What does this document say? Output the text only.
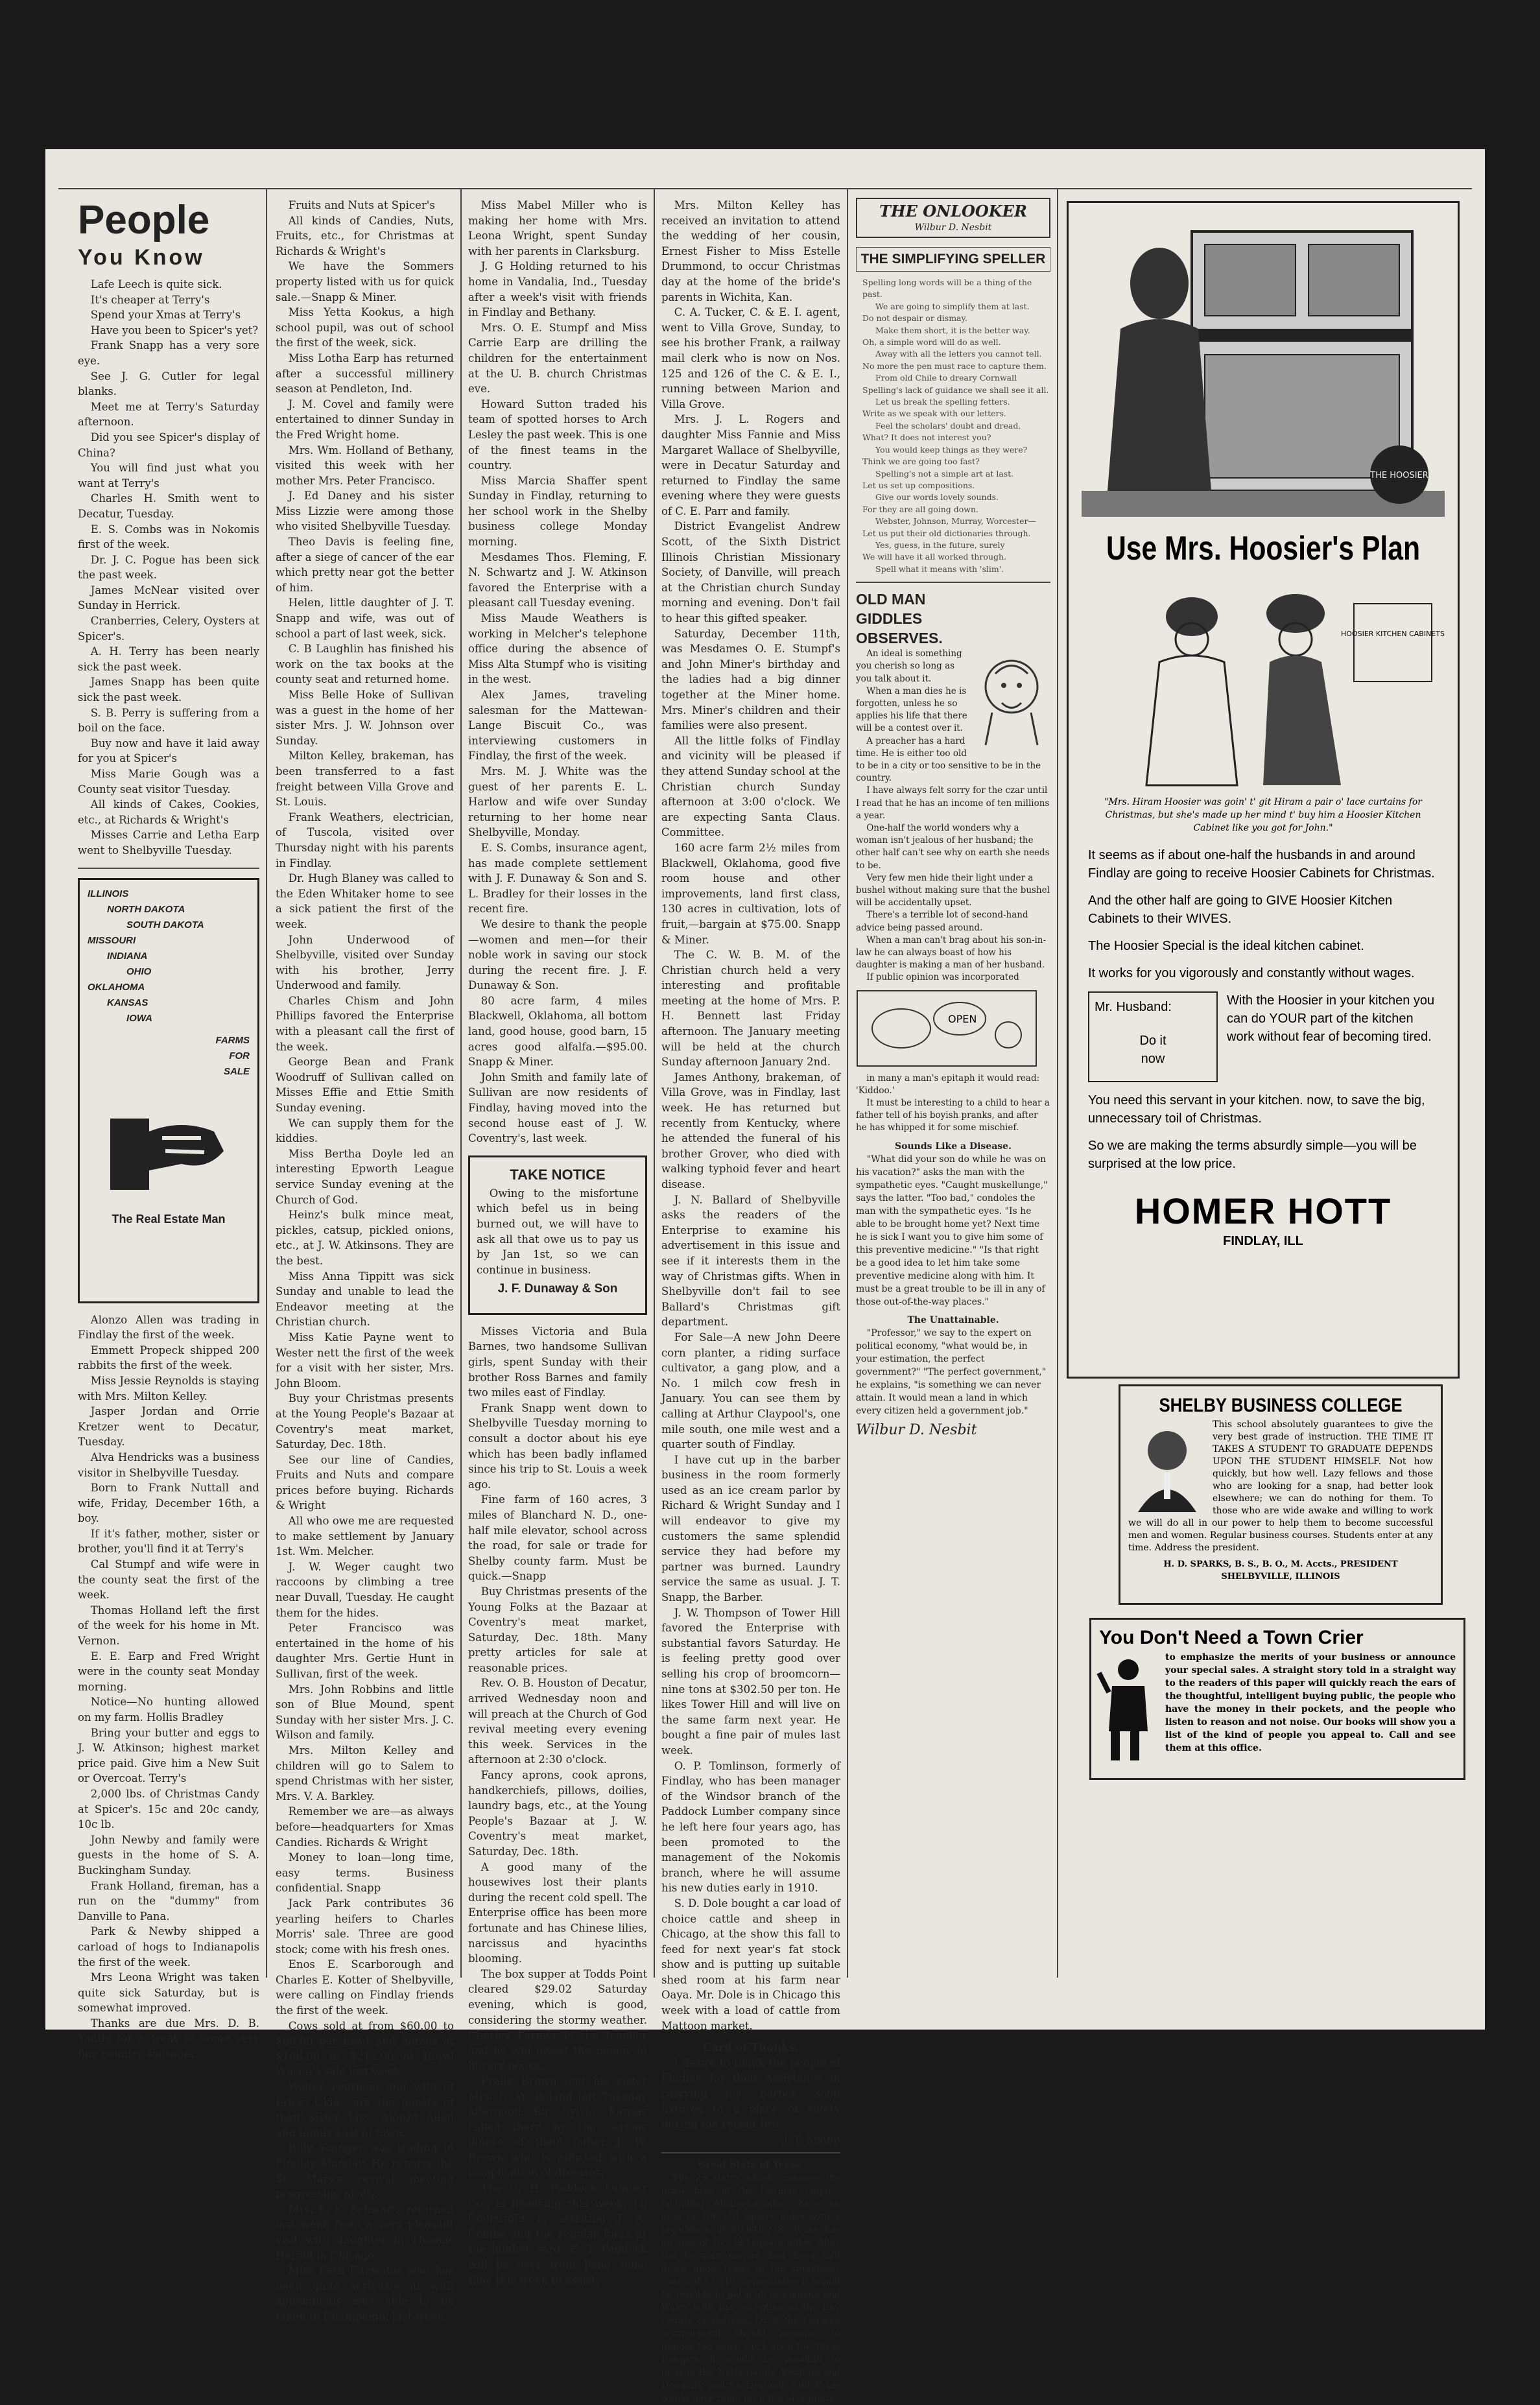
People
You Know

Lafe Leech is quite sick.

It's cheaper at Terry's

Spend your Xmas at Terry's

Have you been to Spicer's yet?

Frank Snapp has a very sore eye.

See J. G. Cutler for legal blanks.

Meet me at Terry's Saturday afternoon.

Did you see Spicer's display of China?

You will find just what you want at Terry's

Charles H. Smith went to Decatur, Tuesday.

E. S. Combs was in Nokomis first of the week.

Dr. J. C. Pogue has been sick the past week.

James McNear visited over Sunday in Herrick.

Cranberries, Celery, Oysters at Spicer's.

A. H. Terry has been nearly sick the past week.

James Snapp has been quite sick the past week.

S. B. Perry is suffering from a boil on the face.

Buy now and have it laid away for you at Spicer's

Miss Marie Gough was a County seat visitor Tuesday.

All kinds of Cakes, Cookies, etc., at Richards & Wright's

Misses Carrie and Letha Earp went to Shelbyville Tuesday.

ILLINOIS
NORTH DAKOTA
SOUTH DAKOTA
MISSOURI
INDIANA
OHIO
OKLAHOMA
KANSAS
IOWA
FARMS
FOR
SALE
The Real Estate Man

Alonzo Allen was trading in Findlay the first of the week.

Emmett Propeck shipped 200 rabbits the first of the week.

Miss Jessie Reynolds is staying with Mrs. Milton Kelley.

Jasper Jordan and Orrie Kretzer went to Decatur, Tuesday.

Alva Hendricks was a business visitor in Shelbyville Tuesday.

Born to Frank Nuttall and wife, Friday, December 16th, a boy.

If it's father, mother, sister or brother, you'll find it at Terry's

Cal Stumpf and wife were in the county seat the first of the week.

Thomas Holland left the first of the week for his home in Mt. Vernon.

E. E. Earp and Fred Wright were in the county seat Monday morning.

Notice—No hunting allowed on my farm. Hollis Bradley

Bring your butter and eggs to J. W. Atkinson; highest market price paid. Give him a New Suit or Overcoat. Terry's

2,000 lbs. of Christmas Candy at Spicer's. 15c and 20c candy, 10c lb.

John Newby and family were guests in the home of S. A. Buckingham Sunday.

Frank Holland, fireman, has a run on the "dummy" from Danville to Pana.

Park & Newby shipped a carload of hogs to Indianapolis the first of the week.

Mrs Leona Wright was taken quite sick Saturday, but is somewhat improved.

Thanks are due Mrs. D. B. Yantis for a treat to some very fine country sausage.

Fruits and Nuts at Spicer's

All kinds of Candies, Nuts, Fruits, etc., for Christmas at Richards & Wright's

We have the Sommers property listed with us for quick sale.—Snapp & Miner.

Miss Yetta Kookus, a high school pupil, was out of school the first of the week, sick.

Miss Lotha Earp has returned after a successful millinery season at Pendleton, Ind.

J. M. Covel and family were entertained to dinner Sunday in the Fred Wright home.

Mrs. Wm. Holland of Bethany, visited this week with her mother Mrs. Peter Francisco.

J. Ed Daney and his sister Miss Lizzie were among those who visited Shelbyville Tuesday.

Theo Davis is feeling fine, after a siege of cancer of the ear which pretty near got the better of him.

Helen, little daughter of J. T. Snapp and wife, was out of school a part of last week, sick.

C. B Laughlin has finished his work on the tax books at the county seat and returned home.

Miss Belle Hoke of Sullivan was a guest in the home of her sister Mrs. J. W. Johnson over Sunday.

Milton Kelley, brakeman, has been transferred to a fast freight between Villa Grove and St. Louis.

Frank Weathers, electrician, of Tuscola, visited over Thursday night with his parents in Findlay.

Dr. Hugh Blaney was called to the Eden Whitaker home to see a sick patient the first of the week.

John Underwood of Shelbyville, visited over Sunday with his brother, Jerry Underwood and family.

Charles Chism and John Phillips favored the Enterprise with a pleasant call the first of the week.

George Bean and Frank Woodruff of Sullivan called on Misses Effie and Ettie Smith Sunday evening.

We can supply them for the kiddies.

Miss Bertha Doyle led an interesting Epworth League service Sunday evening at the Church of God.

Heinz's bulk mince meat, pickles, catsup, pickled onions, etc., at J. W. Atkinsons. They are the best.

Miss Anna Tippitt was sick Sunday and unable to lead the Endeavor meeting at the Christian church.

Miss Katie Payne went to Wester nett the first of the week for a visit with her sister, Mrs. John Bloom.

Buy your Christmas presents at the Young People's Bazaar at Coventry's meat market, Saturday, Dec. 18th.

See our line of Candies, Fruits and Nuts and compare prices before buying. Richards & Wright

All who owe me are requested to make settlement by January 1st. Wm. Melcher.

J. W. Weger caught two raccoons by climbing a tree near Duvall, Tuesday. He caught them for the hides.

Peter Francisco was entertained in the home of his daughter Mrs. Gertie Hunt in Sullivan, first of the week.

Mrs. John Robbins and little son of Blue Mound, spent Sunday with her sister Mrs. J. C. Wilson and family.

Mrs. Milton Kelley and children will go to Salem to spend Christmas with her sister, Mrs. V. A. Barkley.

Remember we are—as always before—headquarters for Xmas Candies. Richards & Wright

Money to loan—long time, easy terms. Business confidential. Snapp

Jack Park contributes 36 yearling heifers to Charles Morris' sale. Three are good stock; come with his fresh ones.

Enos E. Scarborough and Charles E. Kotter of Shelbyville, were calling on Findlay friends the first of the week.

Cows sold at from $60.00 to $68.00 per head and horses at $108.00 to $212.00 at Royal Wilson's sale last week.

Walter Fearman and wife of Erick, Okla., are the guests of their sister Mrs. Alonzo Allen and family east of town.

Billy Younger was trading in Findlay Monday. He reports the St. Mary's revival meeting progressing nicely.

Mrs. E. K. Schwartz returned last week from a very pleasant visit with daughter in Thomas Herold in Chicago.

Miss Fern Fitzwater who has been quite seriously ill with appendicitis was able to be taken to Champaign, last week.

Miss Mabel Miller who is making her home with Mrs. Leona Wright, spent Sunday with her parents in Clarksburg.

J. G Holding returned to his home in Vandalia, Ind., Tuesday after a week's visit with friends in Findlay and Bethany.

Mrs. O. E. Stumpf and Miss Carrie Earp are drilling the children for the entertainment at the U. B. church Christmas eve.

Howard Sutton traded his team of spotted horses to Arch Lesley the past week. This is one of the finest teams in the country.

Miss Marcia Shaffer spent Sunday in Findlay, returning to her school work in the Shelby business college Monday morning.

Mesdames Thos. Fleming, F. N. Schwartz and J. W. Atkinson favored the Enterprise with a pleasant call Tuesday evening.

Miss Maude Weathers is working in Melcher's telephone office during the absence of Miss Alta Stumpf who is visiting in the west.

Alex James, traveling salesman for the Mattewan-Lange Biscuit Co., was interviewing customers in Findlay, the first of the week.

Mrs. M. J. White was the guest of her parents E. L. Harlow and wife over Sunday returning to her home near Shelbyville, Monday.

E. S. Combs, insurance agent, has made complete settlement with J. F. Dunaway & Son and S. L. Bradley for their losses in the recent fire.

We desire to thank the people—women and men—for their noble work in saving our stock during the recent fire. J. F. Dunaway & Son.

80 acre farm, 4 miles Blackwell, Oklahoma, all bottom land, good house, good barn, 15 acres good alfalfa.—$95.00. Snapp & Miner.

John Smith and family late of Sullivan are now residents of Findlay, having moved into the second house east of J. W. Coventry's, last week.

TAKE NOTICE

Owing to the misfortune which befel us in being burned out, we will have to ask all that owe us to pay us by Jan 1st, so we can continue in business.

J. F. Dunaway & Son

Misses Victoria and Bula Barnes, two handsome Sullivan girls, spent Sunday with their brother Ross Barnes and family two miles east of Findlay.

Frank Snapp went down to Shelbyville Tuesday morning to consult a doctor about his eye which has been badly inflamed since his trip to St. Louis a week ago.

Fine farm of 160 acres, 3 miles of Blanchard N. D., one-half mile elevator, school across the road, for sale or trade for Shelby county farm. Must be quick.—Snapp

Buy Christmas presents of the Young Folks at the Bazaar at Coventry's meat market, Saturday, Dec. 18th. Many pretty articles for sale at reasonable prices.

Rev. O. B. Houston of Decatur, arrived Wednesday noon and will preach at the Church of God revival meeting every evening this week. Services in the afternoon at 2:30 o'clock.

Fancy aprons, cook aprons, handkerchiefs, pillows, doilies, laundry bags, etc., at the Young People's Bazaar at J. W. Coventry's meat market, Saturday, Dec. 18th.

A good many of the housewives lost their plants during the recent cold spell. The Enterprise office has been more fortunate and has Chinese lilies, narcissus and hyacinths blooming.

The box supper at Todds Point cleared $29.02 Saturday evening, which is good, considering the stormy weather. Charles Farmer is the teacher and he will invest the money in library books.

Frank Brown and his sister Mrs. G. W. Boland left Tuesday afternoon for Sylvia Kansas called there by the serious illness of their father J. W. Brown who is afflicted with a complication of diseases.

The O. H. Paddock Lumber Co., is invoicing this week. Lil Courtright is assisting J. A. Combs and the regular force at the lumber yard. E. T. Paddock will be over from Pana some time this week to assist.

Mrs. Milton Kelley has received an invitation to attend the wedding of her cousin, Ernest Fisher to Miss Estelle Drummond, to occur Christmas day at the home of the bride's parents in Wichita, Kan.

C. A. Tucker, C. & E. I. agent, went to Villa Grove, Sunday, to see his brother Frank, a railway mail clerk who is now on Nos. 125 and 126 of the C. & E. I., running between Marion and Villa Grove.

Mrs. J. L. Rogers and daughter Miss Fannie and Miss Margaret Wallace of Shelbyville, were in Decatur Saturday and returned to Findlay the same evening where they were guests of C. E. Parr and family.

District Evangelist Andrew Scott, of the Sixth District Illinois Christian Missionary Society, of Danville, will preach at the Christian church Sunday morning and evening. Don't fail to hear this gifted speaker.

Saturday, December 11th, was Mesdames O. E. Stumpf's and John Miner's birthday and the ladies had a big dinner together at the Miner home. Mrs. Miner's children and their families were also present.

All the little folks of Findlay and vicinity will be pleased if they attend Sunday school at the Christian church Sunday afternoon at 3:00 o'clock. We are expecting Santa Claus. Committee.

160 acre farm 2½ miles from Blackwell, Oklahoma, good five room house and other improvements, land first class, 130 acres in cultivation, lots of fruit,—bargain at $75.00. Snapp & Miner.

The C. W. B. M. of the Christian church held a very interesting and profitable meeting at the home of Mrs. P. H. Bennett last Friday afternoon. The January meeting will be held at the church Sunday afternoon January 2nd.

James Anthony, brakeman, of Villa Grove, was in Findlay, last week. He has returned but recently from Kentucky, where he attended the funeral of his brother Grover, who died with walking typhoid fever and heart disease.

J. N. Ballard of Shelbyville asks the readers of the Enterprise to examine his advertisement in this issue and see if it interests them in the way of Christmas gifts. When in Shelbyville don't fail to see Ballard's Christmas gift department.

For Sale—A new John Deere corn planter, a riding surface cultivator, a gang plow, and a No. 1 milch cow fresh in January. You can see them by calling at Arthur Claypool's, one mile south, one mile west and a quarter south of Findlay.

I have cut up in the barber business in the room formerly used as an ice cream parlor by Richard & Wright Sunday and I will endeavor to give my customers the same splendid service they had before my partner was burned. Laundry service the same as usual. J. T. Snapp, the Barber.

J. W. Thompson of Tower Hill favored the Enterprise with substantial favors Saturday. He is feeling pretty good over selling his crop of broomcorn—nine tons at $302.50 per ton. He likes Tower Hill and will live on the same farm next year. He bought a fine pair of mules last week.

O. P. Tomlinson, formerly of Findlay, who has been manager of the Windsor branch of the Paddock Lumber company since he left here four years ago, has been promoted to the management of the Nokomis branch, where he will assume his new duties early in 1910.

S. D. Dole bought a car load of choice cattle and sheep in Chicago, at the show this fall to feed for next year's fat stock show and is putting up suitable shed room at his farm near Oaya. Mr. Dole is in Chicago this week with a load of cattle from Mattoon market.

Card of Thanks.

I desire to thank the people of Findlay for their assistance in carrying my barber shop fixtures to a place of safety during the recent fire.

J. T. Snapp
Great State of Texas.

The 25 states which compose the home land of the German empire, including Alsace-Lorraine, have an area of 208,270 square miles with a population of 60,641,278. Texas has an area of 265,780 square miles. After the German empire had been laid down upon Texas in the remainder space of 57,510 square miles it would be feasible to put it all of England and Wales with the exception of the tiny county of Rutland. Or if the German arrangement should promise to impose too much work upon the Texas Rangers it would be possible to include the Netherlands, Belgium and Denmark and Switzerland. Still Texas would have room for a few stragglers

THE ONLOOKER
Wilbur D. Nesbit
THE SIMPLIFYING SPELLER
Spelling long words will be a thing of the past.
We are going to simplify them at last.
Do not despair or dismay.
Make them short, it is the better way.
Oh, a simple word will do as well.
Away with all the letters you cannot tell.
No more the pen must race to capture them.
From old Chile to dreary Cornwall
Spelling's lack of guidance we shall see it all.
Let us break the spelling fetters.
Write as we speak with our letters.
Feel the scholars' doubt and dread.
What? It does not interest you?
You would keep things as they were?
Think we are going too fast?
Spelling's not a simple art at last.
Let us set up compositions.
Give our words lovely sounds.
For they are all going down.
Webster, Johnson, Murray, Worcester—
Let us put their old dictionaries through.
Yes, guess, in the future, surely
We will have it all worked through.
Spell what it means with 'slim'.
OLD MAN GIDDLES OBSERVES.

An ideal is something you cherish so long as you talk about it.

When a man dies he is forgotten, unless he so applies his life that there will be a contest over it.

A preacher has a hard time. He is either too old to be in a city or too sensitive to be in the country.

I have always felt sorry for the czar until I read that he has an income of ten millions a year.

One-half the world wonders why a woman isn't jealous of her husband; the other half can't see why on earth she needs to be.

Very few men hide their light under a bushel without making sure that the bushel will be accidentally upset.

There's a terrible lot of second-hand advice being passed around.

When a man can't brag about his son-in-law he can always boast of how his daughter is making a man of her husband.

If public opinion was incorporated

OPEN

in many a man's epitaph it would read: 'Kiddoo.'

It must be interesting to a child to hear a father tell of his boyish pranks, and after he has whipped it for some mischief.

Sounds Like a Disease.

"What did your son do while he was on his vacation?" asks the man with the sympathetic eyes. "Caught muskellunge," says the latter. "Too bad," condoles the man with the sympathetic eyes. "Is he able to be brought home yet? Next time he is sick I want you to give him some of this preventive medicine." "Is that right be a good idea to let him take some preventive medicine along with him. It must be a great trouble to be ill in any of those out-of-the-way places."

The Unattainable.

"Professor," we say to the expert on political economy, "what would be, in your estimation, the perfect government?" "The perfect government," he explains, "is something we can never attain. It would mean a land in which every citizen held a government job."

Wilbur D. Nesbit
THE HOOSIER
Use Mrs. Hoosier's Plan
HOOSIER KITCHEN CABINETS
"Mrs. Hiram Hoosier was goin' t' git Hiram a pair o' lace curtains for Christmas, but she's made up her mind t' buy him a Hoosier Kitchen Cabinet like you got for John."

It seems as if about one-half the husbands in and around Findlay are going to receive Hoosier Cabinets for Christmas.

And the other half are going to GIVE Hoosier Kitchen Cabinets to their WIVES.

The Hoosier Special is the ideal kitchen cabinet.

It works for you vigorously and constantly without wages.

Mr. Husband:
Do it now

With the Hoosier in your kitchen you can do YOUR part of the kitchen work without fear of becoming tired.

You need this servant in your kitchen. now, to save the big, unnecessary toil of Christmas.

So we are making the terms absurdly simple—you will be surprised at the low price.

HOMER HOTT
FINDLAY, ILL
SHELBY BUSINESS COLLEGE
This school absolutely guarantees to give the very best grade of instruction. THE TIME IT TAKES A STUDENT TO GRADUATE DEPENDS UPON THE STUDENT HIMSELF. Not how quickly, but how well. Lazy fellows and those who are looking for a snap, had better look elsewhere; we can do nothing for them. To those who are wide awake and willing to work we will do all in our power to help them to become successful men and women. Regular business courses. Students enter at any time. Address the president.
H. D. SPARKS, B. S., B. O., M. Accts., PRESIDENT
SHELBYVILLE, ILLINOIS
You Don't Need a Town Crier
to emphasize the merits of your business or announce your special sales. A straight story told in a straight way to the readers of this paper will quickly reach the ears of the thoughtful, intelligent buying public, the people who have the money in their pockets, and the people who listen to reason and not noise. Our books will show you a list of the kind of people you appeal to. Call and see them at this office.
